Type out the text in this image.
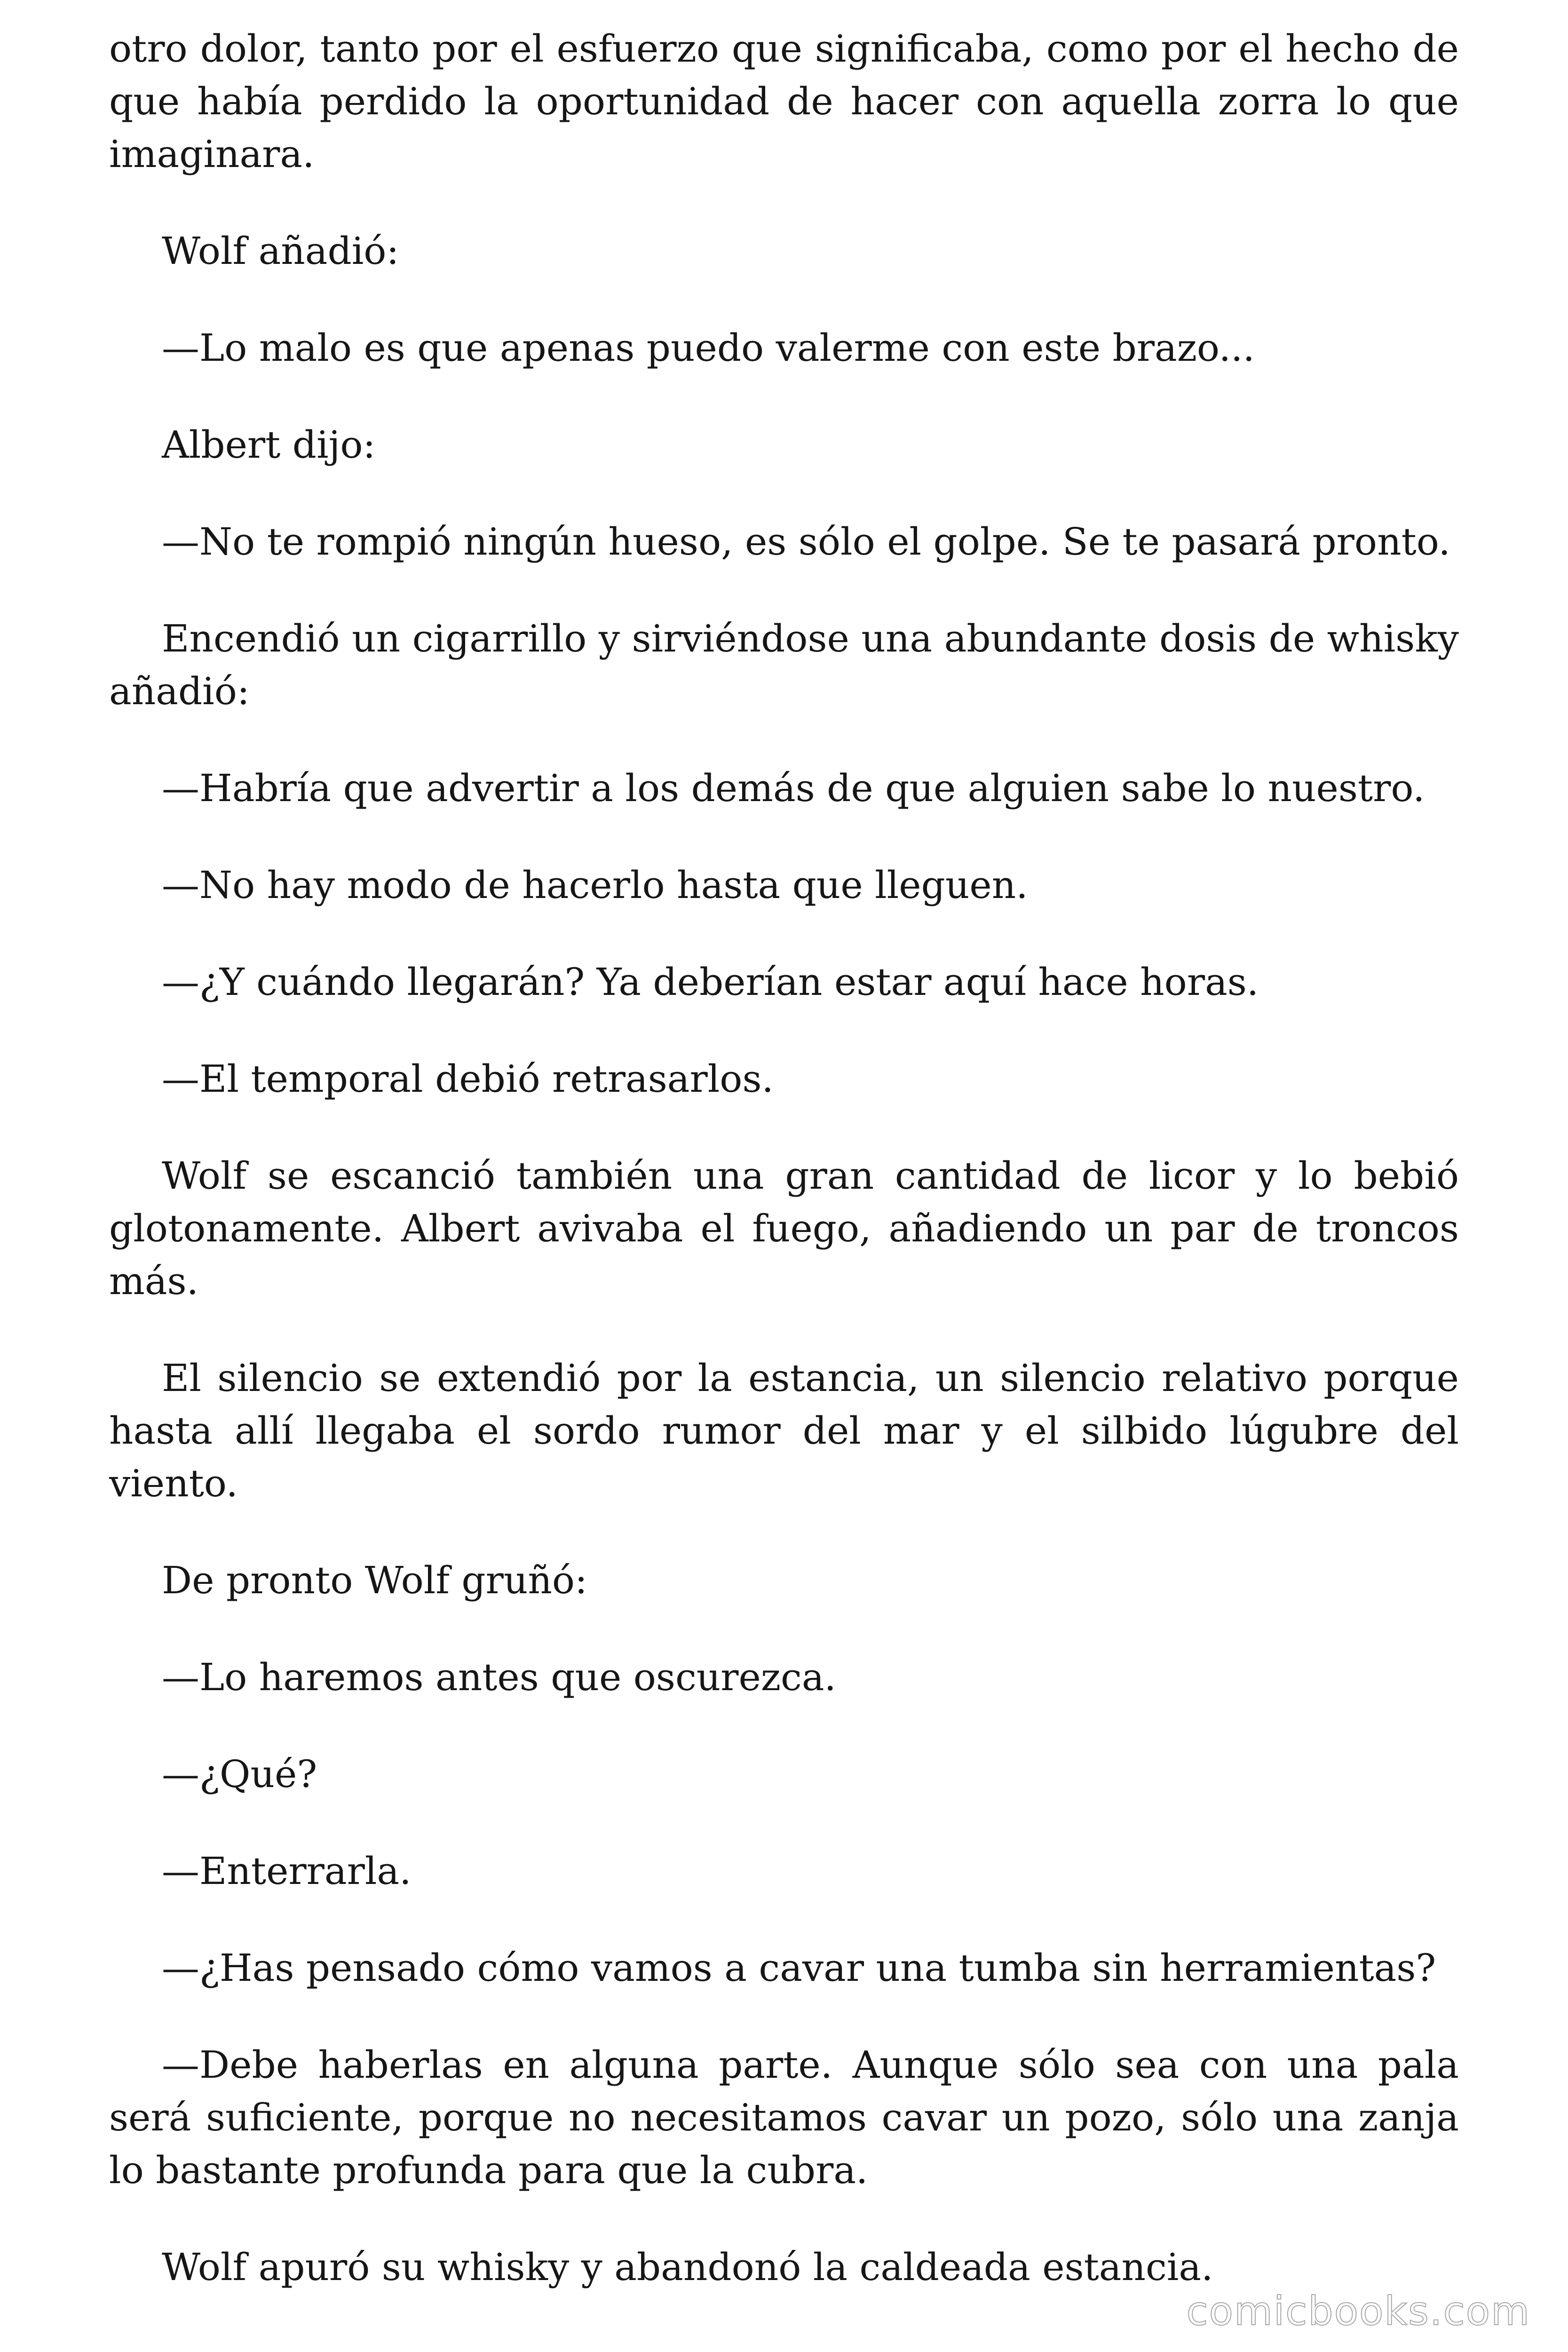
otro dolor, tanto por el esfuerzo que significaba, como por el hecho de que había perdido la oportunidad de hacer con aquella zorra lo que imaginara.

Wolf añadió:

—Lo malo es que apenas puedo valerme con este brazo...

Albert dijo:

—No te rompió ningún hueso, es sólo el golpe. Se te pasará pronto.

Encendió un cigarrillo y sirviéndose una abundante dosis de whisky añadió:

—Habría que advertir a los demás de que alguien sabe lo nuestro.

—No hay modo de hacerlo hasta que lleguen.

—¿Y cuándo llegarán? Ya deberían estar aquí hace horas.

—El temporal debió retrasarlos.

Wolf se escanció también una gran cantidad de licor y lo bebió glotonamente. Albert avivaba el fuego, añadiendo un par de troncos más.

El silencio se extendió por la estancia, un silencio relativo porque hasta allí llegaba el sordo rumor del mar y el silbido lúgubre del viento.

De pronto Wolf gruñó:

—Lo haremos antes que oscurezca.

—¿Qué?

—Enterrarla.

—¿Has pensado cómo vamos a cavar una tumba sin herramientas?

—Debe haberlas en alguna parte. Aunque sólo sea con una pala será suficiente, porque no necesitamos cavar un pozo, sólo una zanja lo bastante profunda para que la cubra.

Wolf apuró su whisky y abandonó la caldeada estancia.

comicbooks.com
